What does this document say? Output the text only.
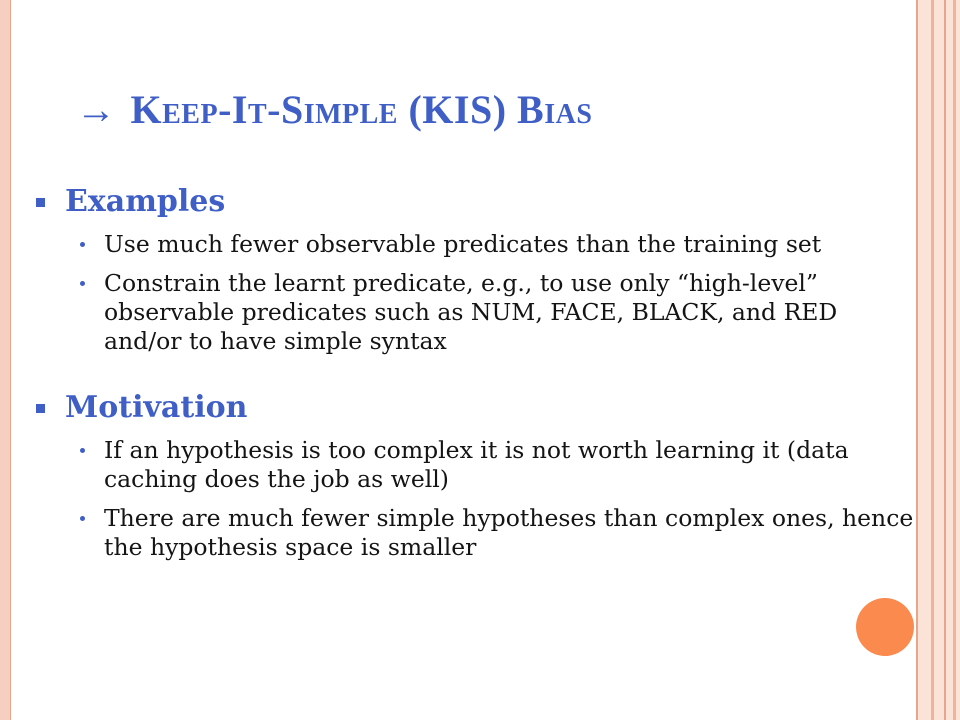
→ Keep-It-Simple (KIS) Bias
Examples
Use much fewer observable predicates than the training set
Constrain the learnt predicate, e.g., to use only “high-level” observable predicates such as NUM, FACE, BLACK, and RED and/or to have simple syntax
Motivation
If an hypothesis is too complex it is not worth learning it (data caching does the job as well)
There are much fewer simple hypotheses than complex ones, hence the hypothesis space is smaller
